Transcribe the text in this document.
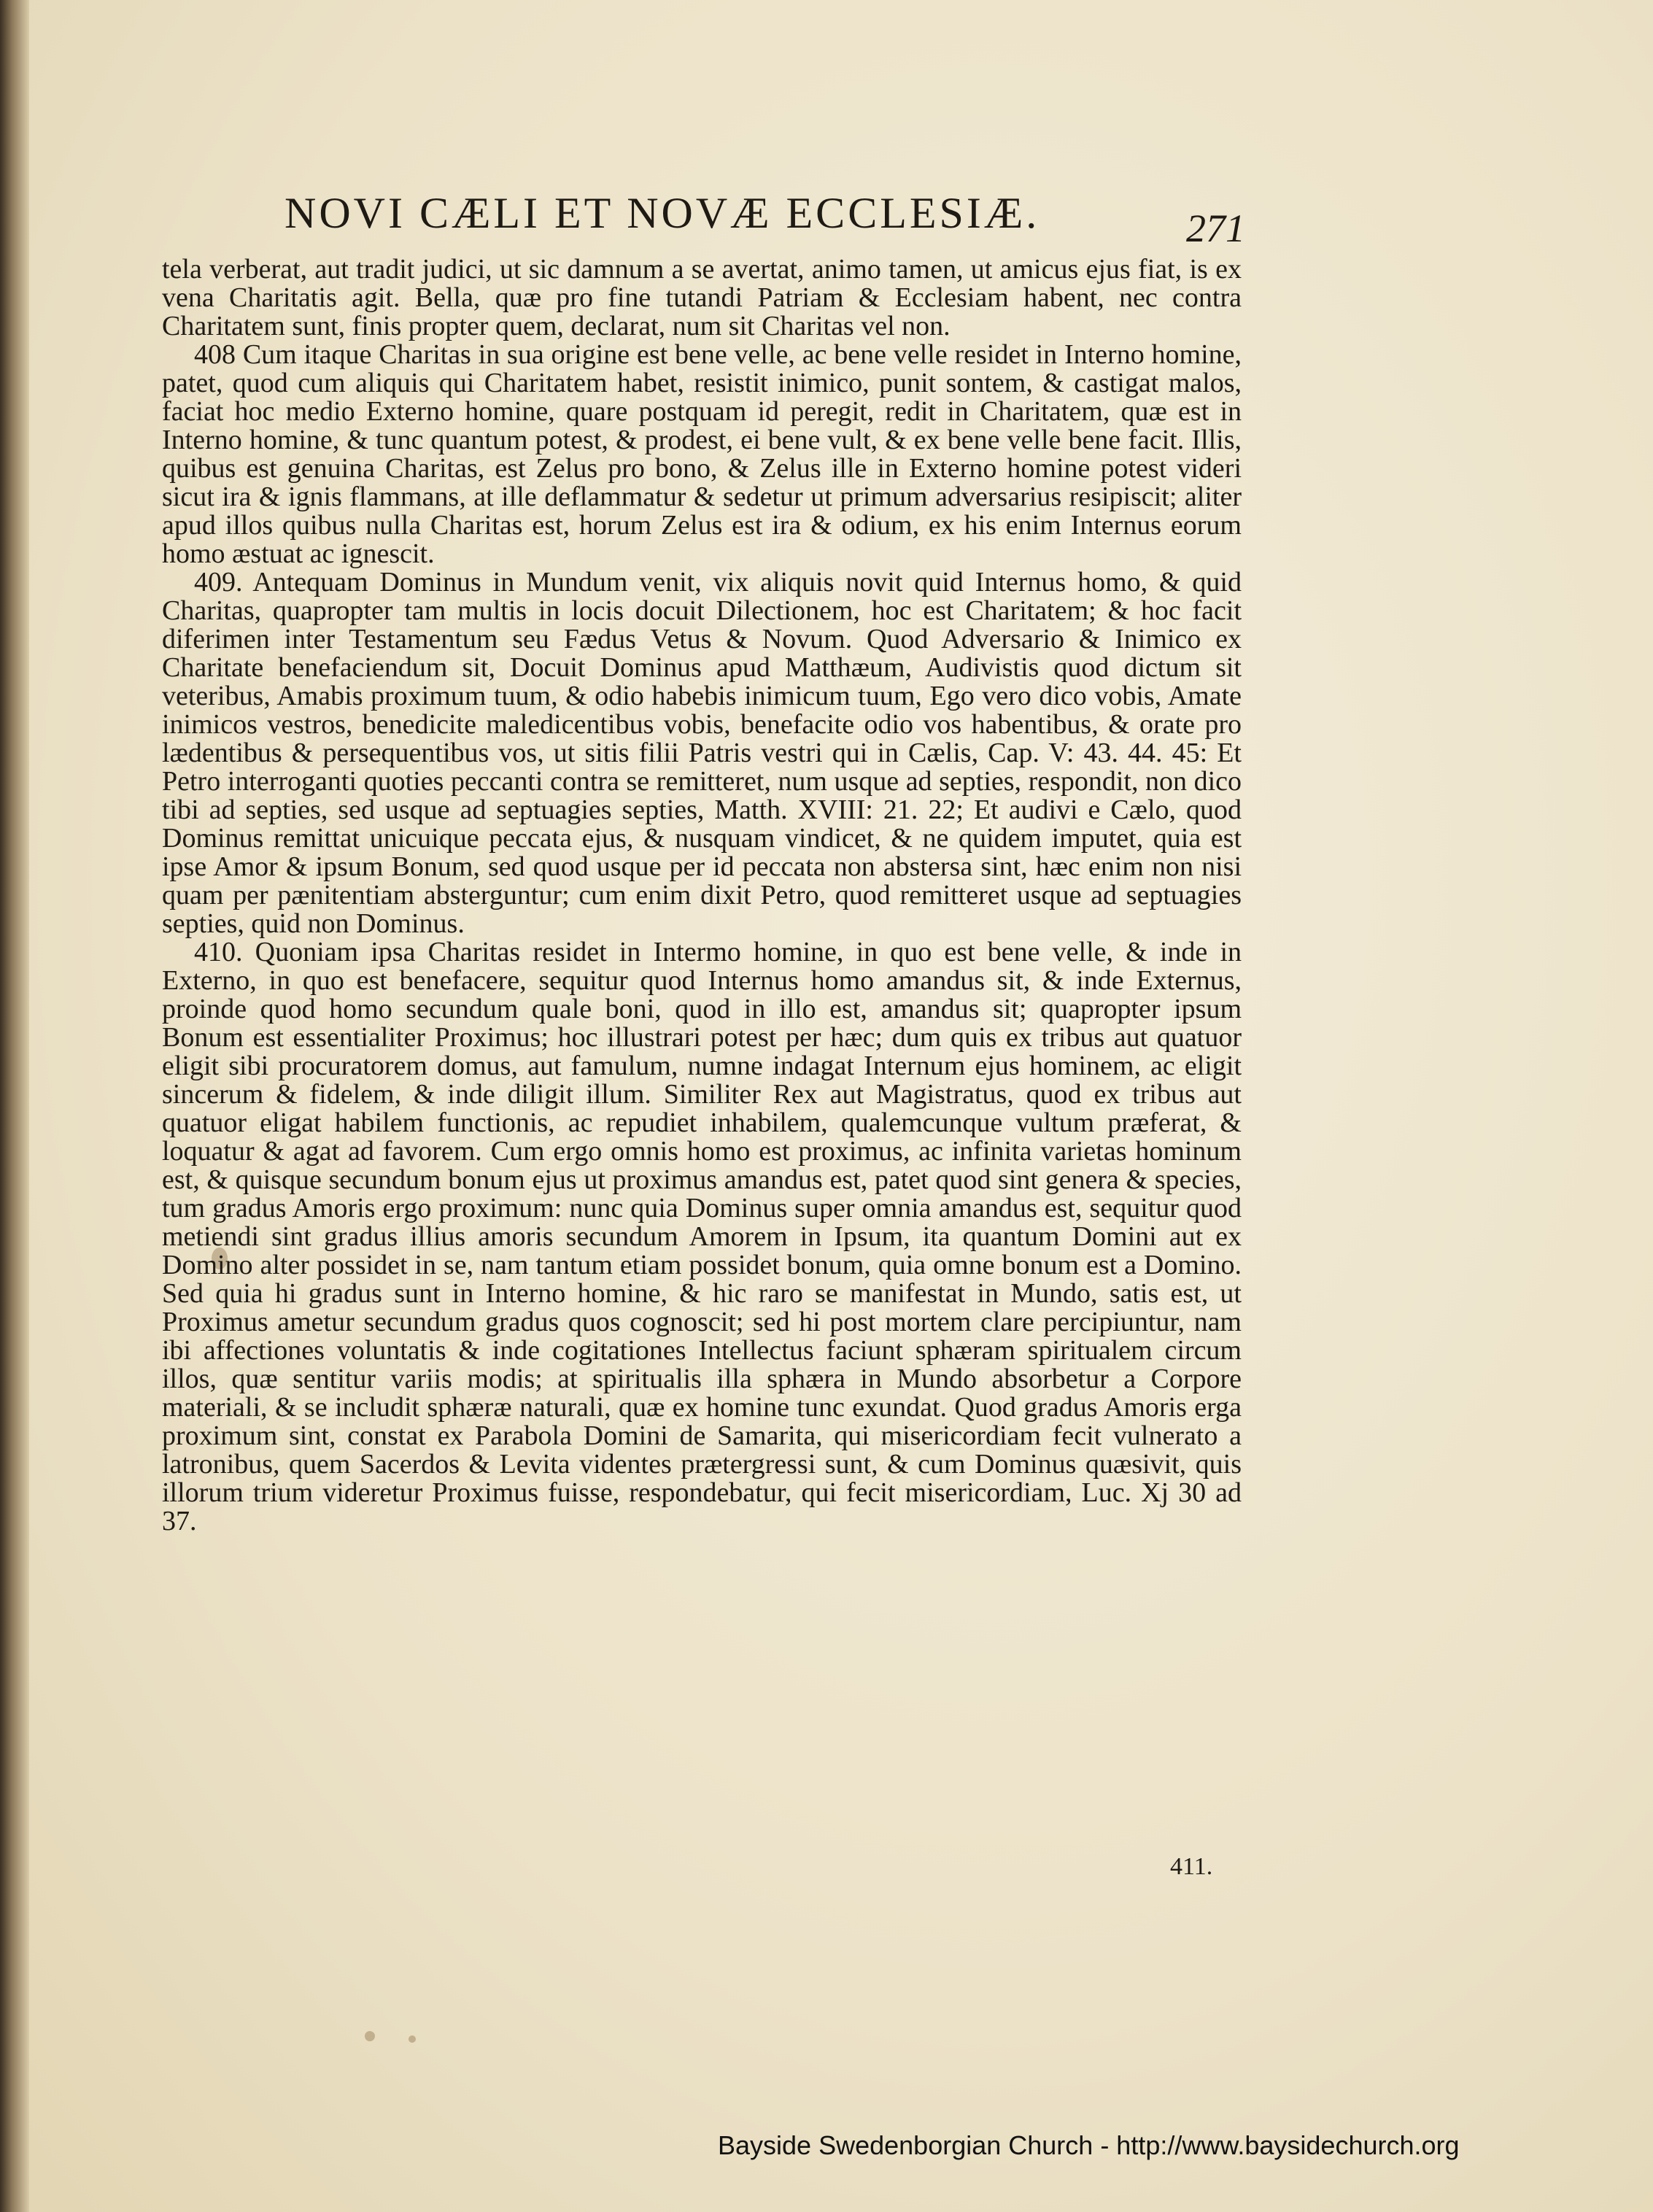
NOVI CÆLI ET NOVÆ ECCLESIÆ.	271

tela verberat, aut tradit judici, ut sic damnum a se avertat, animo tamen, ut amicus ejus fiat, is ex vena Charitatis agit. Bella, quæ pro fine tutandi Patriam & Ecclesiam habent, nec contra Charitatem sunt, finis propter quem, declarat, num sit Charitas vel non.

408 Cum itaque Charitas in sua origine est bene velle, ac bene velle residet in Interno homine, patet, quod cum aliquis qui Charitatem habet, resistit inimico, punit sontem, & castigat malos, faciat hoc medio Externo homine, quare postquam id peregit, redit in Charitatem, quæ est in Interno homine, & tunc quantum potest, & prodest, ei bene vult, & ex bene velle bene facit. Illis, quibus est genuina Charitas, est Zelus pro bono, & Zelus ille in Externo homine potest videri sicut ira & ignis flammans, at ille deflammatur & sedetur ut primum adversarius resipiscit; aliter apud illos quibus nulla Charitas est, horum Zelus est ira & odium, ex his enim Internus eorum homo æstuat ac ignescit.

409. Antequam Dominus in Mundum venit, vix aliquis novit quid Internus homo, & quid Charitas, quapropter tam multis in locis docuit Dilectionem, hoc est Charitatem; & hoc facit diferimen inter Testamentum seu Fædus Vetus & Novum. Quod Adversario & Inimico ex Charitate benefaciendum sit, Docuit Dominus apud Matthæum, Audivistis quod dictum sit veteribus, Amabis proximum tuum, & odio habebis inimicum tuum, Ego vero dico vobis, Amate inimicos vestros, benedicite maledicentibus vobis, benefacite odio vos habentibus, & orate pro lædentibus & persequentibus vos, ut sitis filii Patris vestri qui in Cælis, Cap. V: 43. 44. 45: Et Petro interroganti quoties peccanti contra se remitteret, num usque ad septies, respondit, non dico tibi ad septies, sed usque ad septuagies septies, Matth. XVIII: 21. 22; Et audivi e Cælo, quod Dominus remittat unicuique peccata ejus, & nusquam vindicet, & ne quidem imputet, quia est ipse Amor & ipsum Bonum, sed quod usque per id peccata non abstersa sint, hæc enim non nisi quam per pænitentiam absterguntur; cum enim dixit Petro, quod remitteret usque ad septuagies septies, quid non Dominus.

410. Quoniam ipsa Charitas residet in Intermo homine, in quo est bene velle, & inde in Externo, in quo est benefacere, sequitur quod Internus homo amandus sit, & inde Externus, proinde quod homo secundum quale boni, quod in illo est, amandus sit; quapropter ipsum Bonum est essentialiter Proximus; hoc illustrari potest per hæc; dum quis ex tribus aut quatuor eligit sibi procuratorem domus, aut famulum, numne indagat Internum ejus hominem, ac eligit sincerum & fidelem, & inde diligit illum. Similiter Rex aut Magistratus, quod ex tribus aut quatuor eligat habilem functionis, ac repudiet inhabilem, qualemcunque vultum præferat, & loquatur & agat ad favorem. Cum ergo omnis homo est proximus, ac infinita varietas hominum est, & quisque secundum bonum ejus ut proximus amandus est, patet quod sint genera & species, tum gradus Amoris ergo proximum: nunc quia Dominus super omnia amandus est, sequitur quod metiendi sint gradus illius amoris secundum Amorem in Ipsum, ita quantum Domini aut ex Domino alter possidet in se, nam tantum etiam possidet bonum, quia omne bonum est a Domino. Sed quia hi gradus sunt in Interno homine, & hic raro se manifestat in Mundo, satis est, ut Proximus ametur secundum gradus quos cognoscit; sed hi post mortem clare percipiuntur, nam ibi affectiones voluntatis & inde cogitationes Intellectus faciunt sphæram spiritualem circum illos, quæ sentitur variis modis; at spiritualis illa sphæra in Mundo absorbetur a Corpore materiali, & se includit sphæræ naturali, quæ ex homine tunc exundat. Quod gradus Amoris erga proximum sint, constat ex Parabola Domini de Samarita, qui misericordiam fecit vulnerato a latronibus, quem Sacerdos & Levita videntes prætergressi sunt, & cum Dominus quæsivit, quis illorum trium videretur Proximus fuisse, respondebatur, qui fecit misericordiam, Luc. Xj 30 ad 37.

411.
Bayside Swedenborgian Church - http://www.baysidechurch.org
